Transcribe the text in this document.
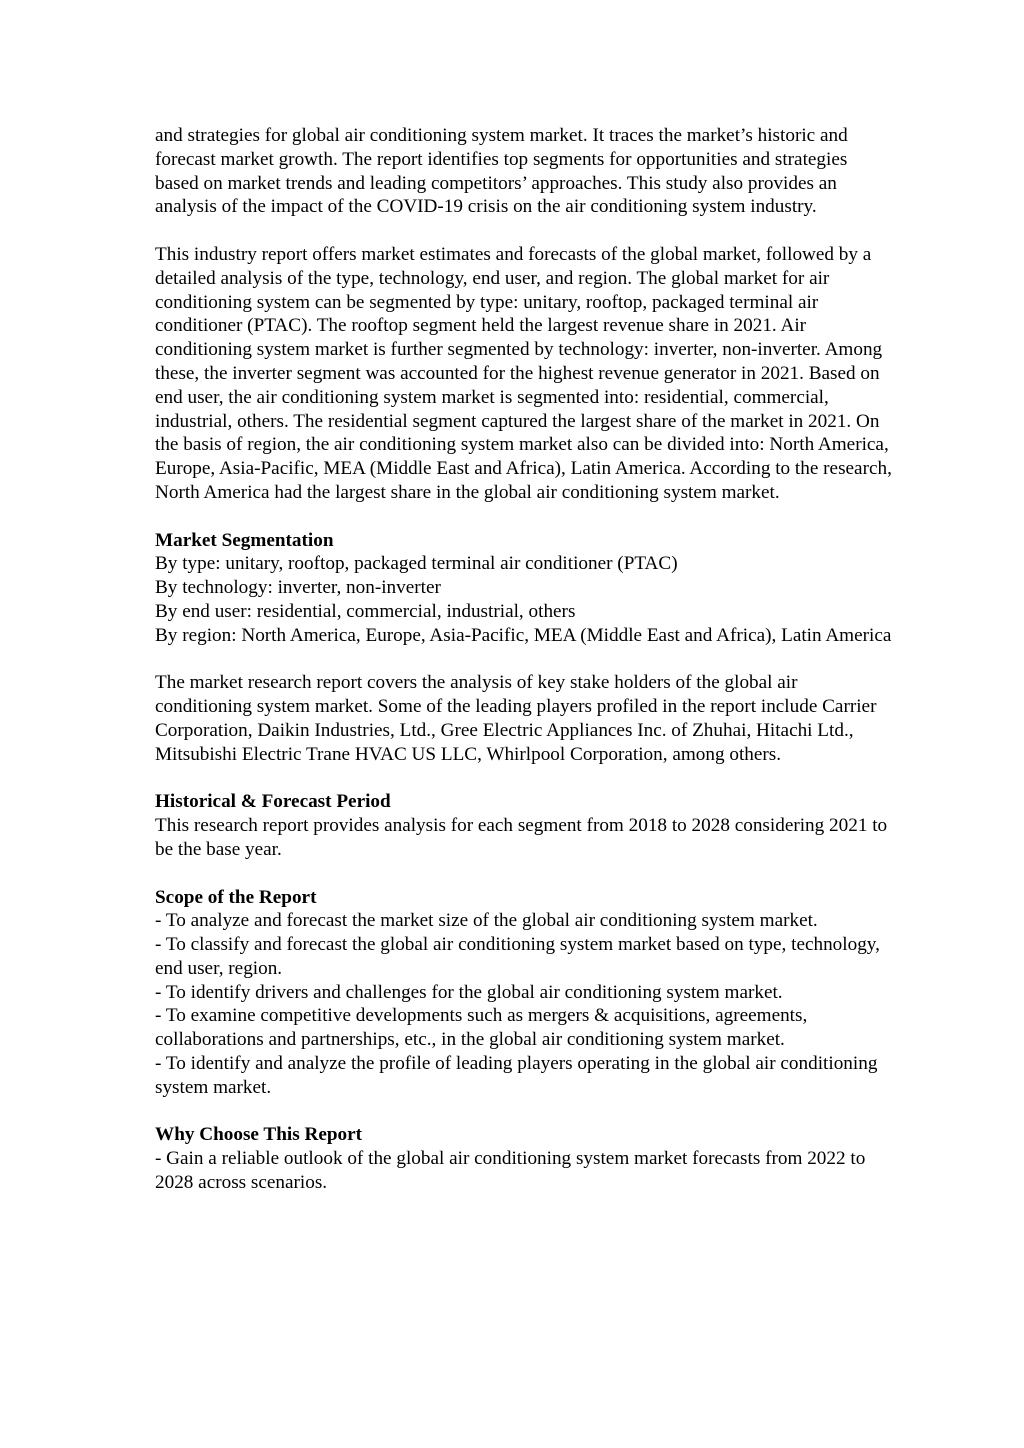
and strategies for global air conditioning system market. It traces the market’s historic and forecast market growth. The report identifies top segments for opportunities and strategies based on market trends and leading competitors’ approaches. This study also provides an analysis of the impact of the COVID-19 crisis on the air conditioning system industry.

This industry report offers market estimates and forecasts of the global market, followed by a detailed analysis of the type, technology, end user, and region. The global market for air conditioning system can be segmented by type: unitary, rooftop, packaged terminal air conditioner (PTAC). The rooftop segment held the largest revenue share in 2021. Air conditioning system market is further segmented by technology: inverter, non-inverter. Among these, the inverter segment was accounted for the highest revenue generator in 2021. Based on end user, the air conditioning system market is segmented into: residential, commercial, industrial, others. The residential segment captured the largest share of the market in 2021. On the basis of region, the air conditioning system market also can be divided into: North America, Europe, Asia-Pacific, MEA (Middle East and Africa), Latin America. According to the research, North America had the largest share in the global air conditioning system market.

Market Segmentation
By type: unitary, rooftop, packaged terminal air conditioner (PTAC)
By technology: inverter, non-inverter
By end user: residential, commercial, industrial, others
By region: North America, Europe, Asia-Pacific, MEA (Middle East and Africa), Latin America

The market research report covers the analysis of key stake holders of the global air conditioning system market. Some of the leading players profiled in the report include Carrier Corporation, Daikin Industries, Ltd., Gree Electric Appliances Inc. of Zhuhai, Hitachi Ltd., Mitsubishi Electric Trane HVAC US LLC, Whirlpool Corporation, among others.

Historical & Forecast Period
This research report provides analysis for each segment from 2018 to 2028 considering 2021 to be the base year.
Scope of the Report
- To analyze and forecast the market size of the global air conditioning system market.
- To classify and forecast the global air conditioning system market based on type, technology, end user, region.
- To identify drivers and challenges for the global air conditioning system market.
- To examine competitive developments such as mergers & acquisitions, agreements, collaborations and partnerships, etc., in the global air conditioning system market.
- To identify and analyze the profile of leading players operating in the global air conditioning system market.
Why Choose This Report
- Gain a reliable outlook of the global air conditioning system market forecasts from 2022 to 2028 across scenarios.
